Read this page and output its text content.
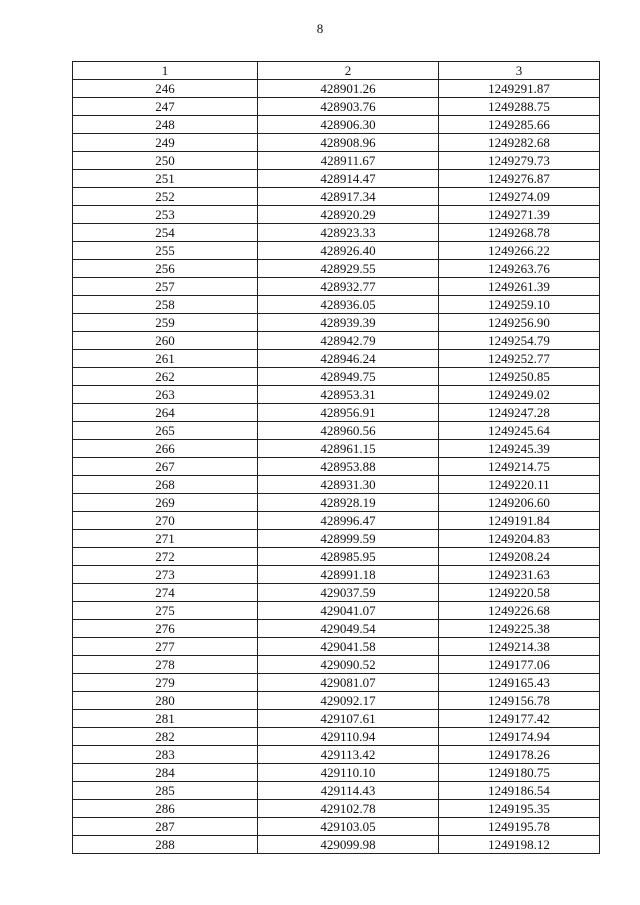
8
1	2	3
246	428901.26	1249291.87
247	428903.76	1249288.75
248	428906.30	1249285.66
249	428908.96	1249282.68
250	428911.67	1249279.73
251	428914.47	1249276.87
252	428917.34	1249274.09
253	428920.29	1249271.39
254	428923.33	1249268.78
255	428926.40	1249266.22
256	428929.55	1249263.76
257	428932.77	1249261.39
258	428936.05	1249259.10
259	428939.39	1249256.90
260	428942.79	1249254.79
261	428946.24	1249252.77
262	428949.75	1249250.85
263	428953.31	1249249.02
264	428956.91	1249247.28
265	428960.56	1249245.64
266	428961.15	1249245.39
267	428953.88	1249214.75
268	428931.30	1249220.11
269	428928.19	1249206.60
270	428996.47	1249191.84
271	428999.59	1249204.83
272	428985.95	1249208.24
273	428991.18	1249231.63
274	429037.59	1249220.58
275	429041.07	1249226.68
276	429049.54	1249225.38
277	429041.58	1249214.38
278	429090.52	1249177.06
279	429081.07	1249165.43
280	429092.17	1249156.78
281	429107.61	1249177.42
282	429110.94	1249174.94
283	429113.42	1249178.26
284	429110.10	1249180.75
285	429114.43	1249186.54
286	429102.78	1249195.35
287	429103.05	1249195.78
288	429099.98	1249198.12
